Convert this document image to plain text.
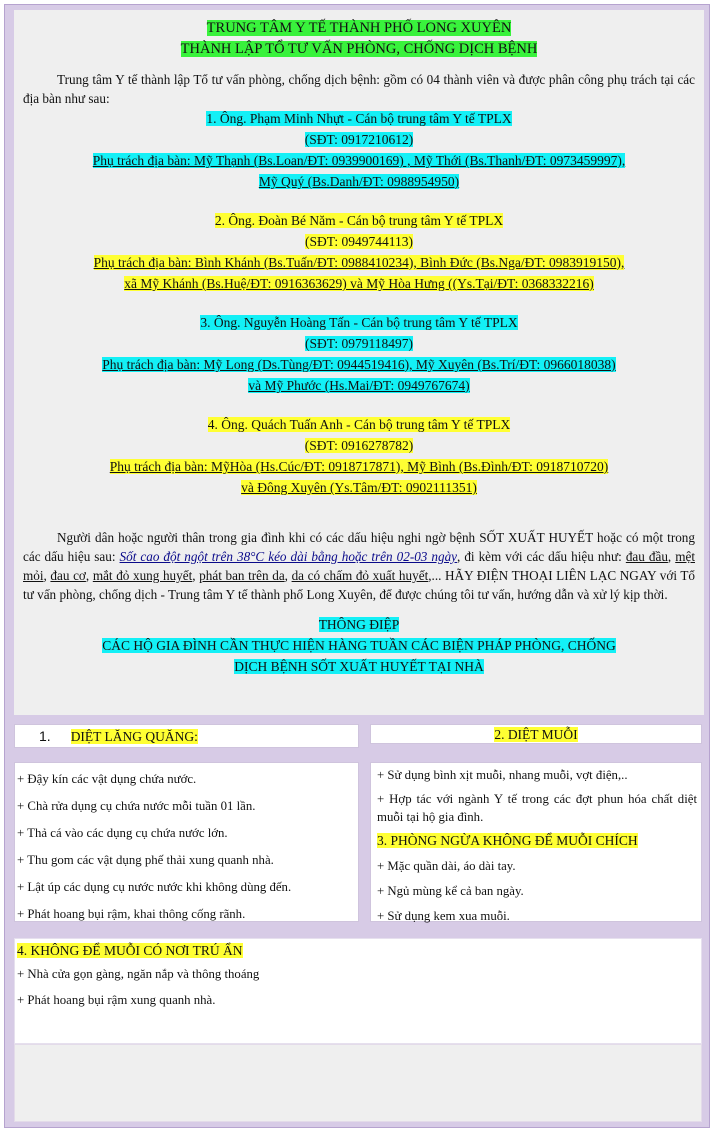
TRUNG TÂM Y TẾ THÀNH PHỐ LONG XUYÊN
THÀNH LẬP TỔ TƯ VẤN PHÒNG, CHỐNG DỊCH BỆNH

Trung tâm Y tế thành lập Tổ tư vấn phòng, chống dịch bệnh: gồm có 04 thành viên và được phân công phụ trách tại các địa bàn như sau:

1. Ông. Phạm Minh Nhựt - Cán bộ trung tâm Y tế TPLX
(SĐT: 0917210612)
Phụ trách địa bàn: Mỹ Thạnh (Bs.Loan/ĐT: 0939900169) , Mỹ Thới (Bs.Thanh/ĐT: 0973459997),
Mỹ Quý (Bs.Danh/ĐT: 0988954950)
2. Ông. Đoàn Bé Năm - Cán bộ trung tâm Y tế TPLX
(SĐT: 0949744113)
Phụ trách địa bàn: Bình Khánh (Bs.Tuấn/ĐT: 0988410234), Bình Đức (Bs.Nga/ĐT: 0983919150),
xã Mỹ Khánh (Bs.Huệ/ĐT: 0916363629) và Mỹ Hòa Hưng ((Ys.Tại/ĐT: 0368332216)
3. Ông. Nguyễn Hoàng Tấn - Cán bộ trung tâm Y tế TPLX
(SĐT: 0979118497)
Phụ trách địa bàn: Mỹ Long (Ds.Tùng/ĐT: 0944519416), Mỹ Xuyên (Bs.Trí/ĐT: 0966018038)
và Mỹ Phước (Hs.Mai/ĐT: 0949767674)
4. Ông. Quách Tuấn Anh - Cán bộ trung tâm Y tế TPLX
(SĐT: 0916278782)
Phụ trách địa bàn: MỹHòa (Hs.Cúc/ĐT: 0918717871), Mỹ Bình (Bs.Đình/ĐT: 0918710720)
và Đông Xuyên (Ys.Tâm/ĐT: 0902111351)

Người dân hoặc người thân trong gia đình khi có các dấu hiệu nghi ngờ bệnh SỐT XUẤT HUYẾT hoặc có một trong các dấu hiệu sau: Sốt cao đột ngột trên 38°C kéo dài bằng hoặc trên 02-03 ngày, đi kèm với các dấu hiệu như: đau đầu, mệt mỏi, đau cơ, mắt đỏ xung huyết, phát ban trên da, da có chấm đỏ xuất huyết,... HÃY ĐIỆN THOẠI LIÊN LẠC NGAY với Tổ tư vấn phòng, chống dịch - Trung tâm Y tế thành phố Long Xuyên, để được chúng tôi tư vấn, hướng dẫn và xử lý kịp thời.

THÔNG ĐIỆP
CÁC HỘ GIA ĐÌNH CẦN THỰC HIỆN HÀNG TUẦN CÁC BIỆN PHÁP PHÒNG, CHỐNG
DỊCH BỆNH SỐT XUẤT HUYẾT TẠI NHÀ
1. DIỆT LĂNG QUĂNG:	2. DIỆT MUỖI

+ Đậy kín các vật dụng chứa nước.

+ Chà rửa dụng cụ chứa nước mỗi tuần 01 lần.

+ Thả cá vào các dụng cụ chứa nước lớn.

+ Thu gom các vật dụng phế thải xung quanh nhà.

+ Lật úp các dụng cụ nước nước khi không dùng đến.

+ Phát hoang bụi rậm, khai thông cống rãnh.

+ Sử dụng bình xịt muỗi, nhang muỗi, vợt điện,..

+ Hợp tác với ngành Y tế trong các đợt phun hóa chất diệt muỗi tại hộ gia đình.

3. PHÒNG NGỪA KHÔNG ĐỂ MUỖI CHÍCH

+ Mặc quần dài, áo dài tay.

+ Ngủ mùng kể cả ban ngày.

+ Sử dụng kem xua muỗi.

4. KHÔNG ĐỂ MUỖI CÓ NƠI TRÚ ẨN

+ Nhà cửa gọn gàng, ngăn nắp và thông thoáng

+ Phát hoang bụi rậm xung quanh nhà.
